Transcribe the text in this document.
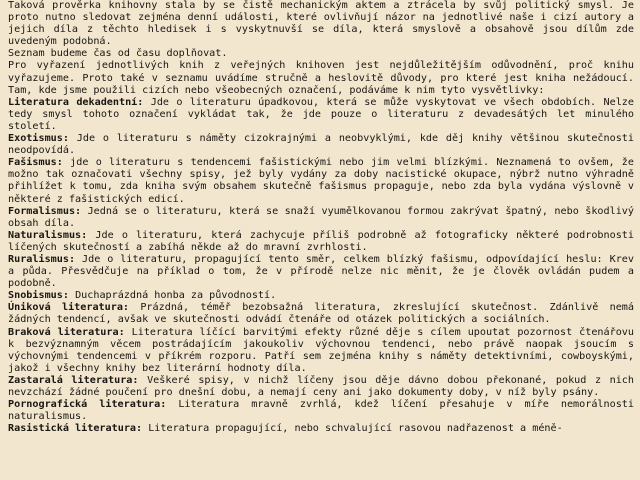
Taková prověrka knihovny stala by se čistě mechanickým aktem a ztrácela by svůj politický smysl. Je proto nutno sledovat zejména denní události, které ovlivňují názor na jednotlivé naše i cizí autory a jejich díla z těchto hledisek i s vyskytnuvší se díla, která smyslově a obsahově jsou dílům zde uvedeným podobná.

Seznam budeme čas od času doplňovat.

Pro vyřazení jednotlivých knih z veřejných knihoven jest nejdůležitějším odůvodnění, proč knihu vyřazujeme. Proto také v seznamu uvádíme stručně a heslovitě důvody, pro které jest kniha nežádoucí. Tam, kde jsme použili cizích nebo všeobecných označení, podáváme k nim tyto vysvětlivky:

Literatura dekadentní: Jde o literaturu úpadkovou, která se může vyskytovat ve všech obdobích. Nelze tedy smysl tohoto označení vykládat tak, že jde pouze o literaturu z devadesátých let minulého století.

Exotismus: Jde o literaturu s náměty cizokrajnými a neobvyklými, kde děj knihy většinou skutečnosti neodpovídá.

Fašismus: jde o literaturu s tendencemi fašistickými nebo jim velmi blízkými. Neznamená to ovšem, že možno tak označovati všechny spisy, jež byly vydány za doby nacistické okupace, nýbrž nutno výhradně přihlížet k tomu, zda kniha svým obsahem skutečně fašismus propaguje, nebo zda byla vydána výslovně v některé z fašistických edicí.

Formalismus: Jedná se o literaturu, která se snaží vyumělkovanou formou zakrývat špatný, nebo škodlivý obsah díla.

Naturalismus: Jde o literaturu, která zachycuje příliš podrobně až fotograficky některé podrobnosti líčených skutečností a zabíhá někde až do mravní zvrhlosti.

Ruralismus: Jde o literaturu, propagující tento směr, celkem blízký fašismu, odpovídající heslu: Krev a půda. Přesvědčuje na příklad o tom, že v přírodě nelze nic měnit, že je člověk ovládán pudem a podobně.

Snobismus: Duchaprázdná honba za původností.

Úniková literatura: Prázdná, téměř bezobsažná literatura, zkreslující skutečnost. Zdánlivě nemá žádných tendencí, avšak ve skutečnosti odvádí čtenáře od otázek politických a sociálních.

Braková literatura: Literatura líčící barvitými efekty různé děje s cílem upoutat pozornost čtenářovu k bezvýznamným věcem postrádajícím jakoukoliv výchovnou tendenci, nebo právě naopak jsoucím s výchovnými tendencemi v příkrém rozporu. Patří sem zejména knihy s náměty detektivními, cowboyskými, jakož i všechny knihy bez literární hodnoty díla.

Zastaralá literatura: Veškeré spisy, v nichž líčeny jsou děje dávno dobou překonané, pokud z nich nevzchází žádné poučení pro dnešní dobu, a nemají ceny ani jako dokumenty doby, v níž byly psány.

Pornografická literatura: Literatura mravně zvrhlá, kdež líčení přesahuje v míře nemorálnosti naturalismus.

Rasistická literatura: Literatura propagující, nebo schvalující rasovou nadřazenost a méně-
